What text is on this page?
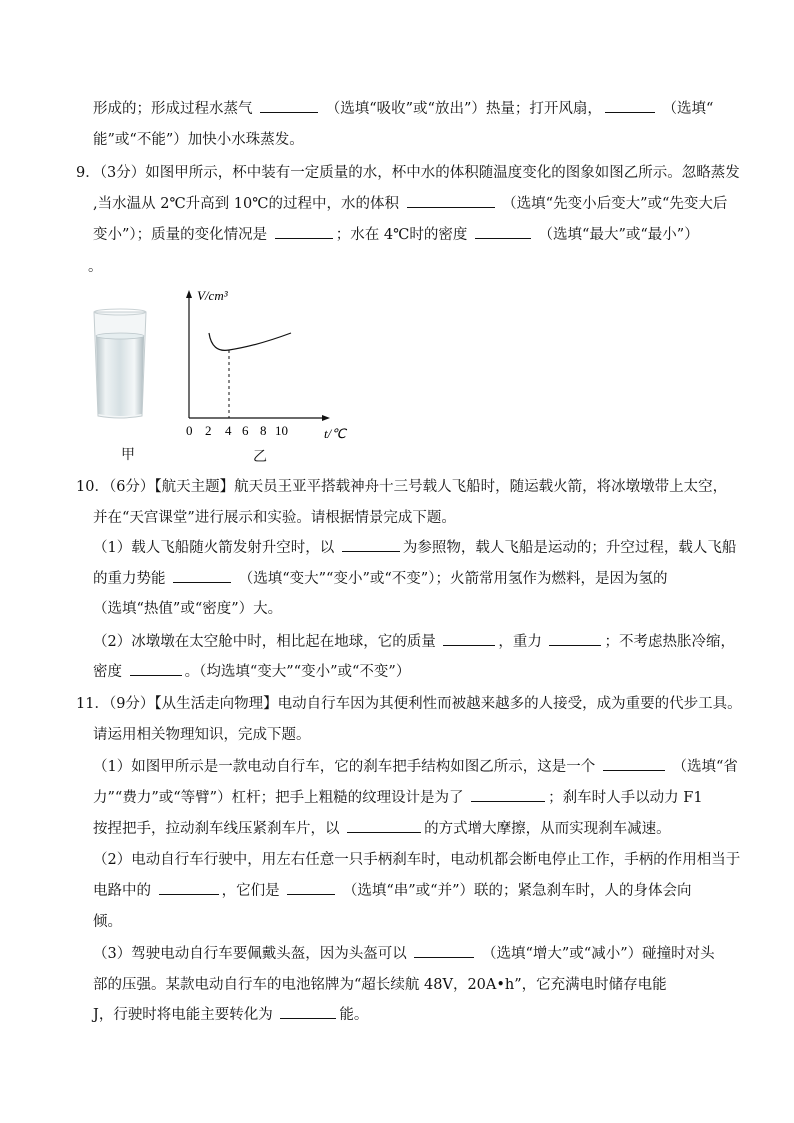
形成的；形成过程水蒸气	（选填“吸收”或“放出”）热量；打开风扇，	（选填“
能”或“不能”）加快小水珠蒸发。
9．（3分）如图甲所示，杯中装有一定质量的水，杯中水的体积随温度变化的图象如图乙所示。忽略蒸发
,当水温从 2℃升高到 10℃的过程中，水的体积	（选填“先变小后变大”或“先变大后
变小”）；质量的变化情况是	；水在 4℃时的密度	（选填“最大”或“最小”）
。
V/cm³
0 2 4 6 8 10	t/℃
甲	乙
10．（6分）【航天主题】航天员王亚平搭载神舟十三号载人飞船时，随运载火箭，将冰墩墩带上太空，
并在“天宫课堂”进行展示和实验。请根据情景完成下题。
（1）载人飞船随火箭发射升空时，以	为参照物，载人飞船是运动的；升空过程，载人飞船
的重力势能	（选填“变大”“变小”或“不变”）；火箭常用氢作为燃料，是因为氢的
（选填“热值”或“密度”）大。
（2）冰墩墩在太空舱中时，相比起在地球，它的质量	，重力	；不考虑热胀冷缩，
密度	。（均选填“变大”“变小”或“不变”）
11．（9分）【从生活走向物理】电动自行车因为其便利性而被越来越多的人接受，成为重要的代步工具。
请运用相关物理知识，完成下题。
（1）如图甲所示是一款电动自行车，它的刹车把手结构如图乙所示，这是一个	（选填“省
力”“费力”或“等臂”）杠杆；把手上粗糙的纹理设计是为了	；刹车时人手以动力 F1
按捏把手，拉动刹车线压紧刹车片，以	的方式增大摩擦，从而实现刹车减速。
（2）电动自行车行驶中，用左右任意一只手柄刹车时，电动机都会断电停止工作，手柄的作用相当于
电路中的	，它们是	（选填“串”或“并”）联的；紧急刹车时，人的身体会向
倾。
（3）驾驶电动自行车要佩戴头盔，因为头盔可以	（选填“增大”或“减小”）碰撞时对头
部的压强。某款电动自行车的电池铭牌为“超长续航 48V，20A•h”，它充满电时储存电能
J，行驶时将电能主要转化为	能。
